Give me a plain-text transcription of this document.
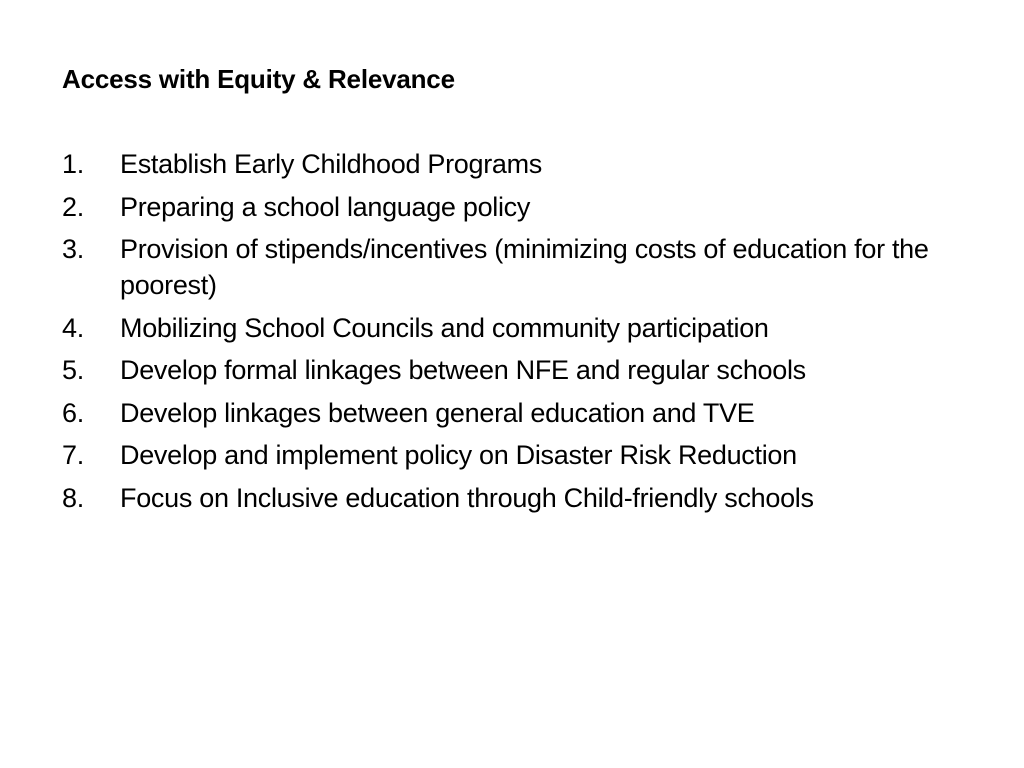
Access with Equity & Relevance
1. Establish Early Childhood Programs
2. Preparing a school language policy
3. Provision of stipends/incentives (minimizing costs of education for the poorest)
4. Mobilizing School Councils and community participation
5. Develop formal linkages between NFE and regular schools
6. Develop linkages between general education and TVE
7. Develop and implement policy on Disaster Risk Reduction
8. Focus on Inclusive education through Child-friendly schools
